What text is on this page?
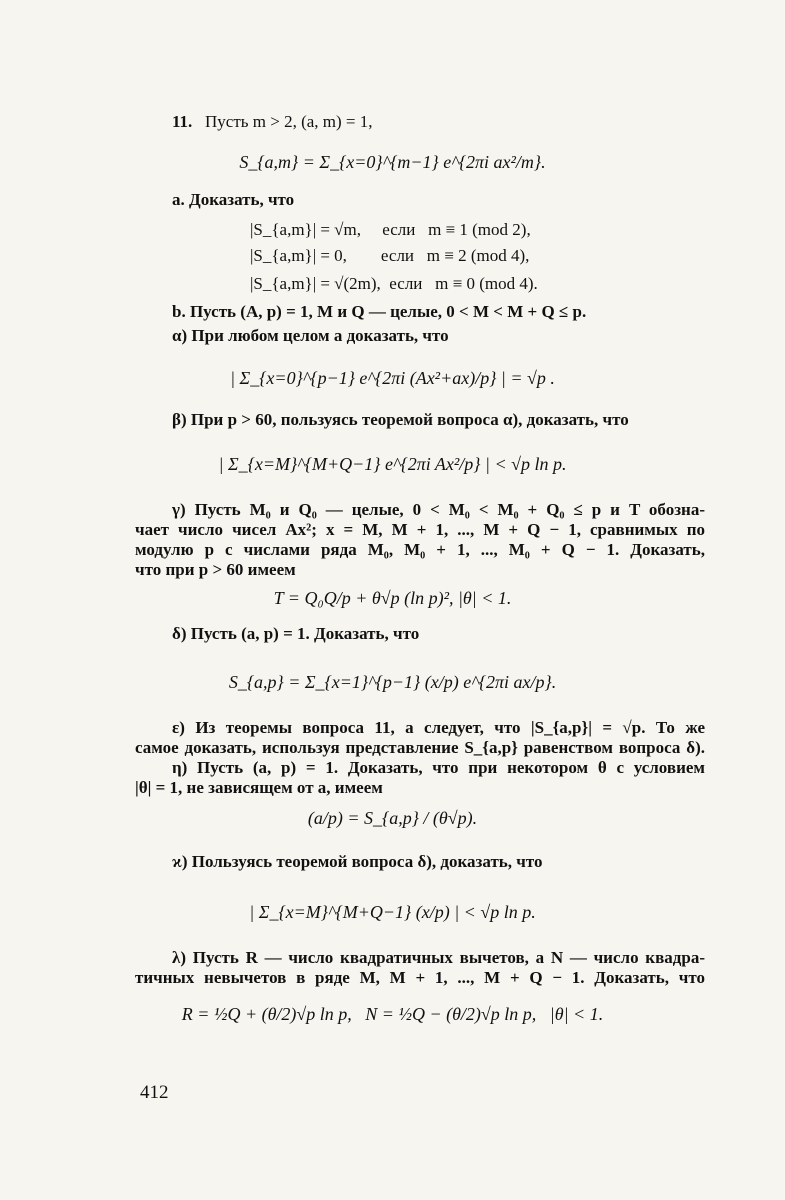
11. Пусть m > 2, (a, m) = 1,
S_{a,m} = Σ_{x=0}^{m−1} e^{2πi ax²/m}.
a. Доказать, что
|S_{a,m}| = √m,     если   m ≡ 1 (mod 2),
|S_{a,m}| = 0,        если   m ≡ 2 (mod 4),
|S_{a,m}| = √(2m),  если   m ≡ 0 (mod 4).
b. Пусть (A, p) = 1, M и Q — целые, 0 < M < M + Q ≤ p.
α) При любом целом a доказать, что
| Σ_{x=0}^{p−1} e^{2πi (Ax²+ax)/p} | = √p .
β) При p > 60, пользуясь теоремой вопроса α), доказать, что
| Σ_{x=M}^{M+Q−1} e^{2πi Ax²/p} | < √p ln p.
γ) Пусть M₀ и Q₀ — целые, 0 < M₀ < M₀ + Q₀ ≤ p и T обозна-
чает число чисел Ax²; x = M, M + 1, ..., M + Q − 1, сравнимых по
модулю p с числами ряда M₀, M₀ + 1, ..., M₀ + Q − 1. Доказать,
что при p > 60 имеем
T = Q₀Q/p + θ√p (ln p)², |θ| < 1.
δ) Пусть (a, p) = 1. Доказать, что
S_{a,p} = Σ_{x=1}^{p−1} (x/p) e^{2πi ax/p}.
ε) Из теоремы вопроса 11, a следует, что |S_{a,p}| = √p. То же
самое доказать, используя представление S_{a,p} равенством вопроса δ).
η) Пусть (a, p) = 1. Доказать, что при некотором θ с условием
|θ| = 1, не зависящем от a, имеем
(a/p) = S_{a,p} / (θ√p).
ϰ) Пользуясь теоремой вопроса δ), доказать, что
| Σ_{x=M}^{M+Q−1} (x/p) | < √p ln p.
λ) Пусть R — число квадратичных вычетов, а N — число квадра-
тичных невычетов в ряде M, M + 1, ..., M + Q − 1. Доказать, что
R = ½Q + (θ/2)√p ln p,   N = ½Q − (θ/2)√p ln p,   |θ| < 1.
412
